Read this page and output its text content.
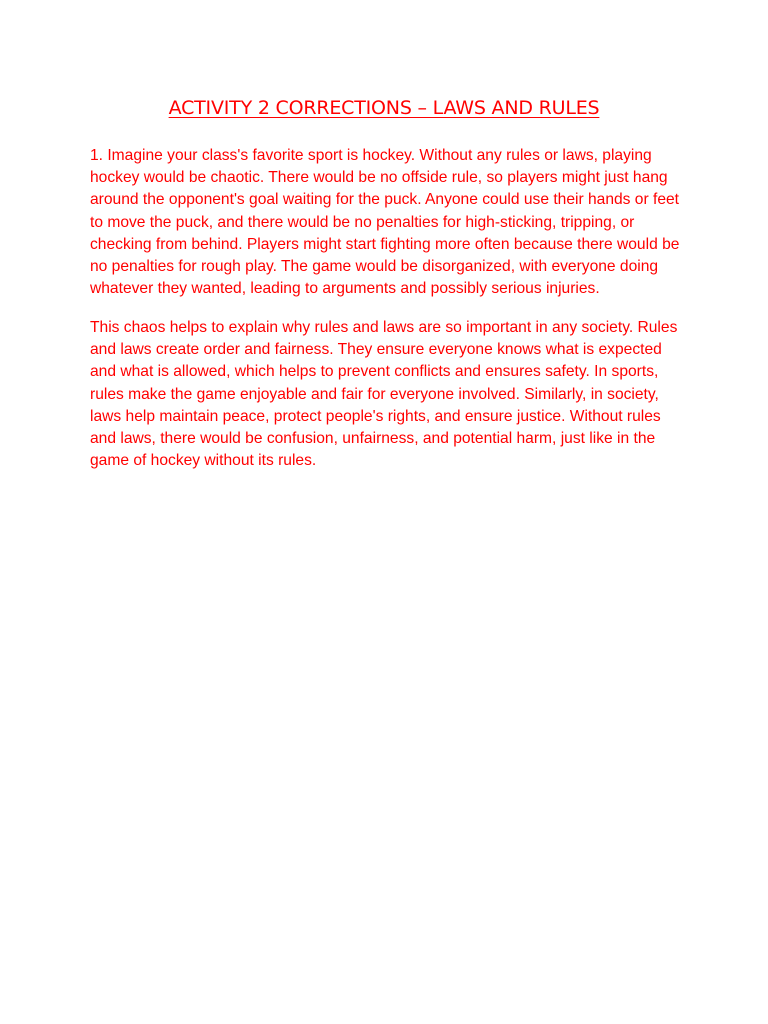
ACTIVITY 2 CORRECTIONS – LAWS AND RULES

1. Imagine your class's favorite sport is hockey. Without any rules or laws, playing hockey would be chaotic. There would be no offside rule, so players might just hang around the opponent's goal waiting for the puck. Anyone could use their hands or feet to move the puck, and there would be no penalties for high-sticking, tripping, or checking from behind. Players might start fighting more often because there would be no penalties for rough play. The game would be disorganized, with everyone doing whatever they wanted, leading to arguments and possibly serious injuries.

This chaos helps to explain why rules and laws are so important in any society. Rules and laws create order and fairness. They ensure everyone knows what is expected and what is allowed, which helps to prevent conflicts and ensures safety. In sports, rules make the game enjoyable and fair for everyone involved. Similarly, in society, laws help maintain peace, protect people's rights, and ensure justice. Without rules and laws, there would be confusion, unfairness, and potential harm, just like in the game of hockey without its rules.
